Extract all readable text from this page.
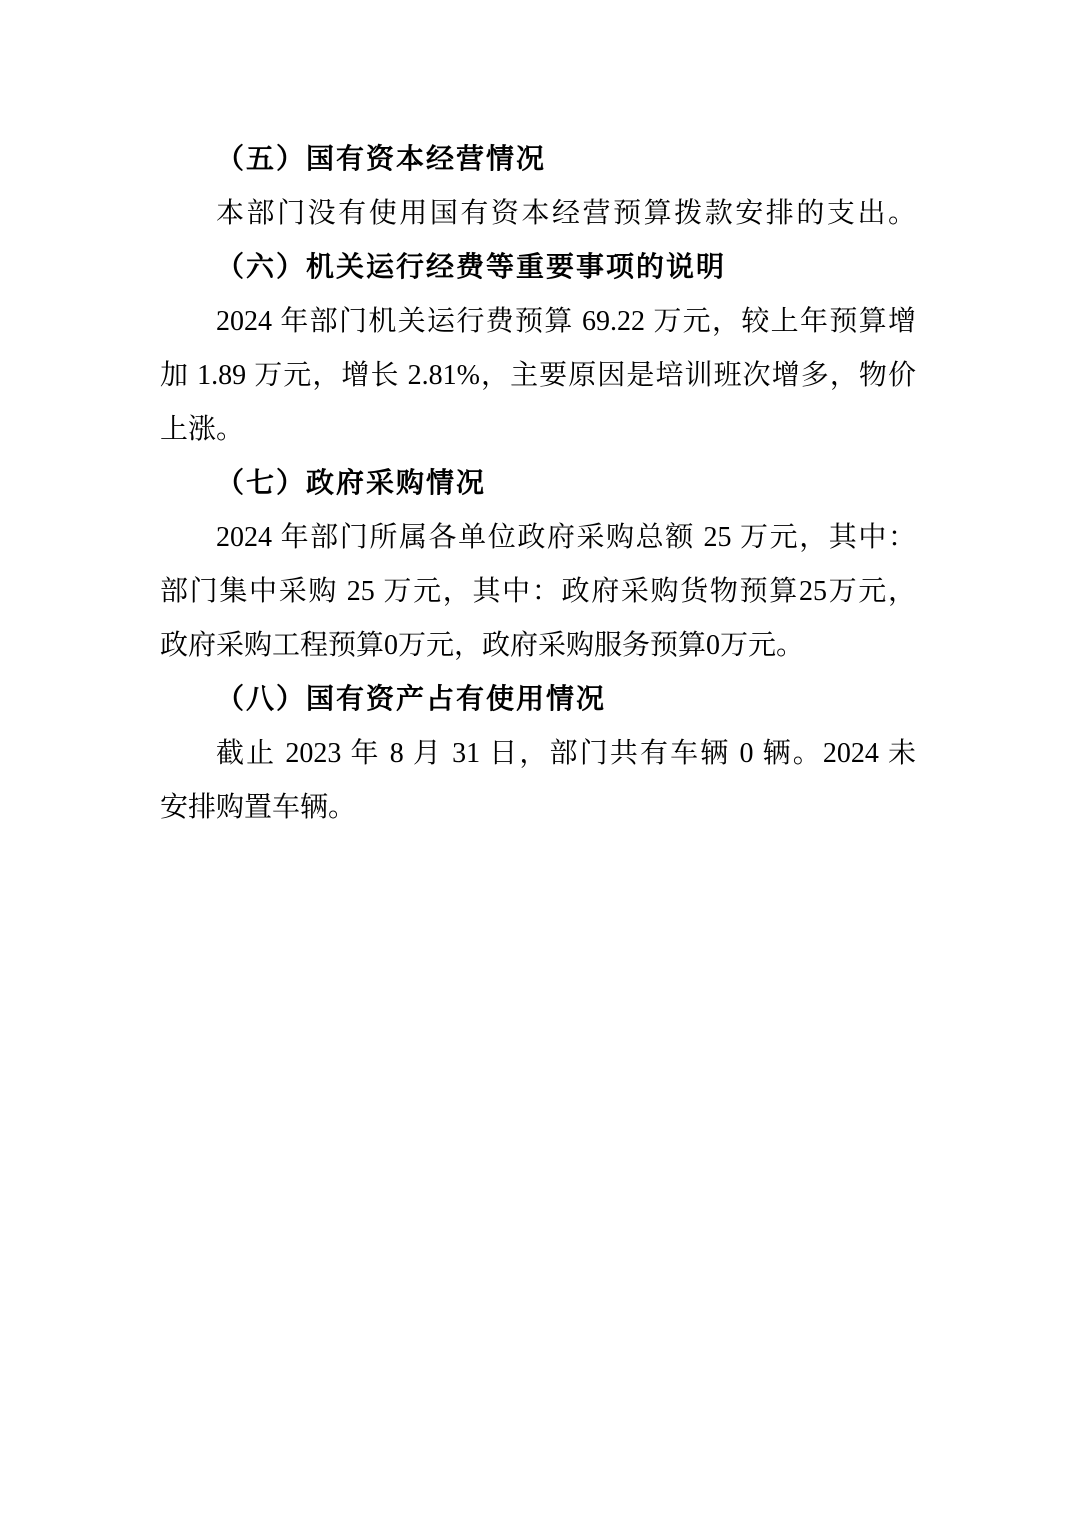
（五）国有资本经营情况
本部门没有使用国有资本经营预算拨款安排的支出。
（六）机关运行经费等重要事项的说明
2024 年部门机关运行费预算 69.22 万元，较上年预算增
加 1.89 万元，增长 2.81%，主要原因是培训班次增多，物价
上涨。
（七）政府采购情况
2024 年部门所属各单位政府采购总额 25 万元，其中：
部门集中采购 25 万元，其中：政府采购货物预算25万元，
政府采购工程预算0万元，政府采购服务预算0万元。
（八）国有资产占有使用情况
截止 2023 年 8 月 31 日，部门共有车辆 0 辆。2024 未
安排购置车辆。
